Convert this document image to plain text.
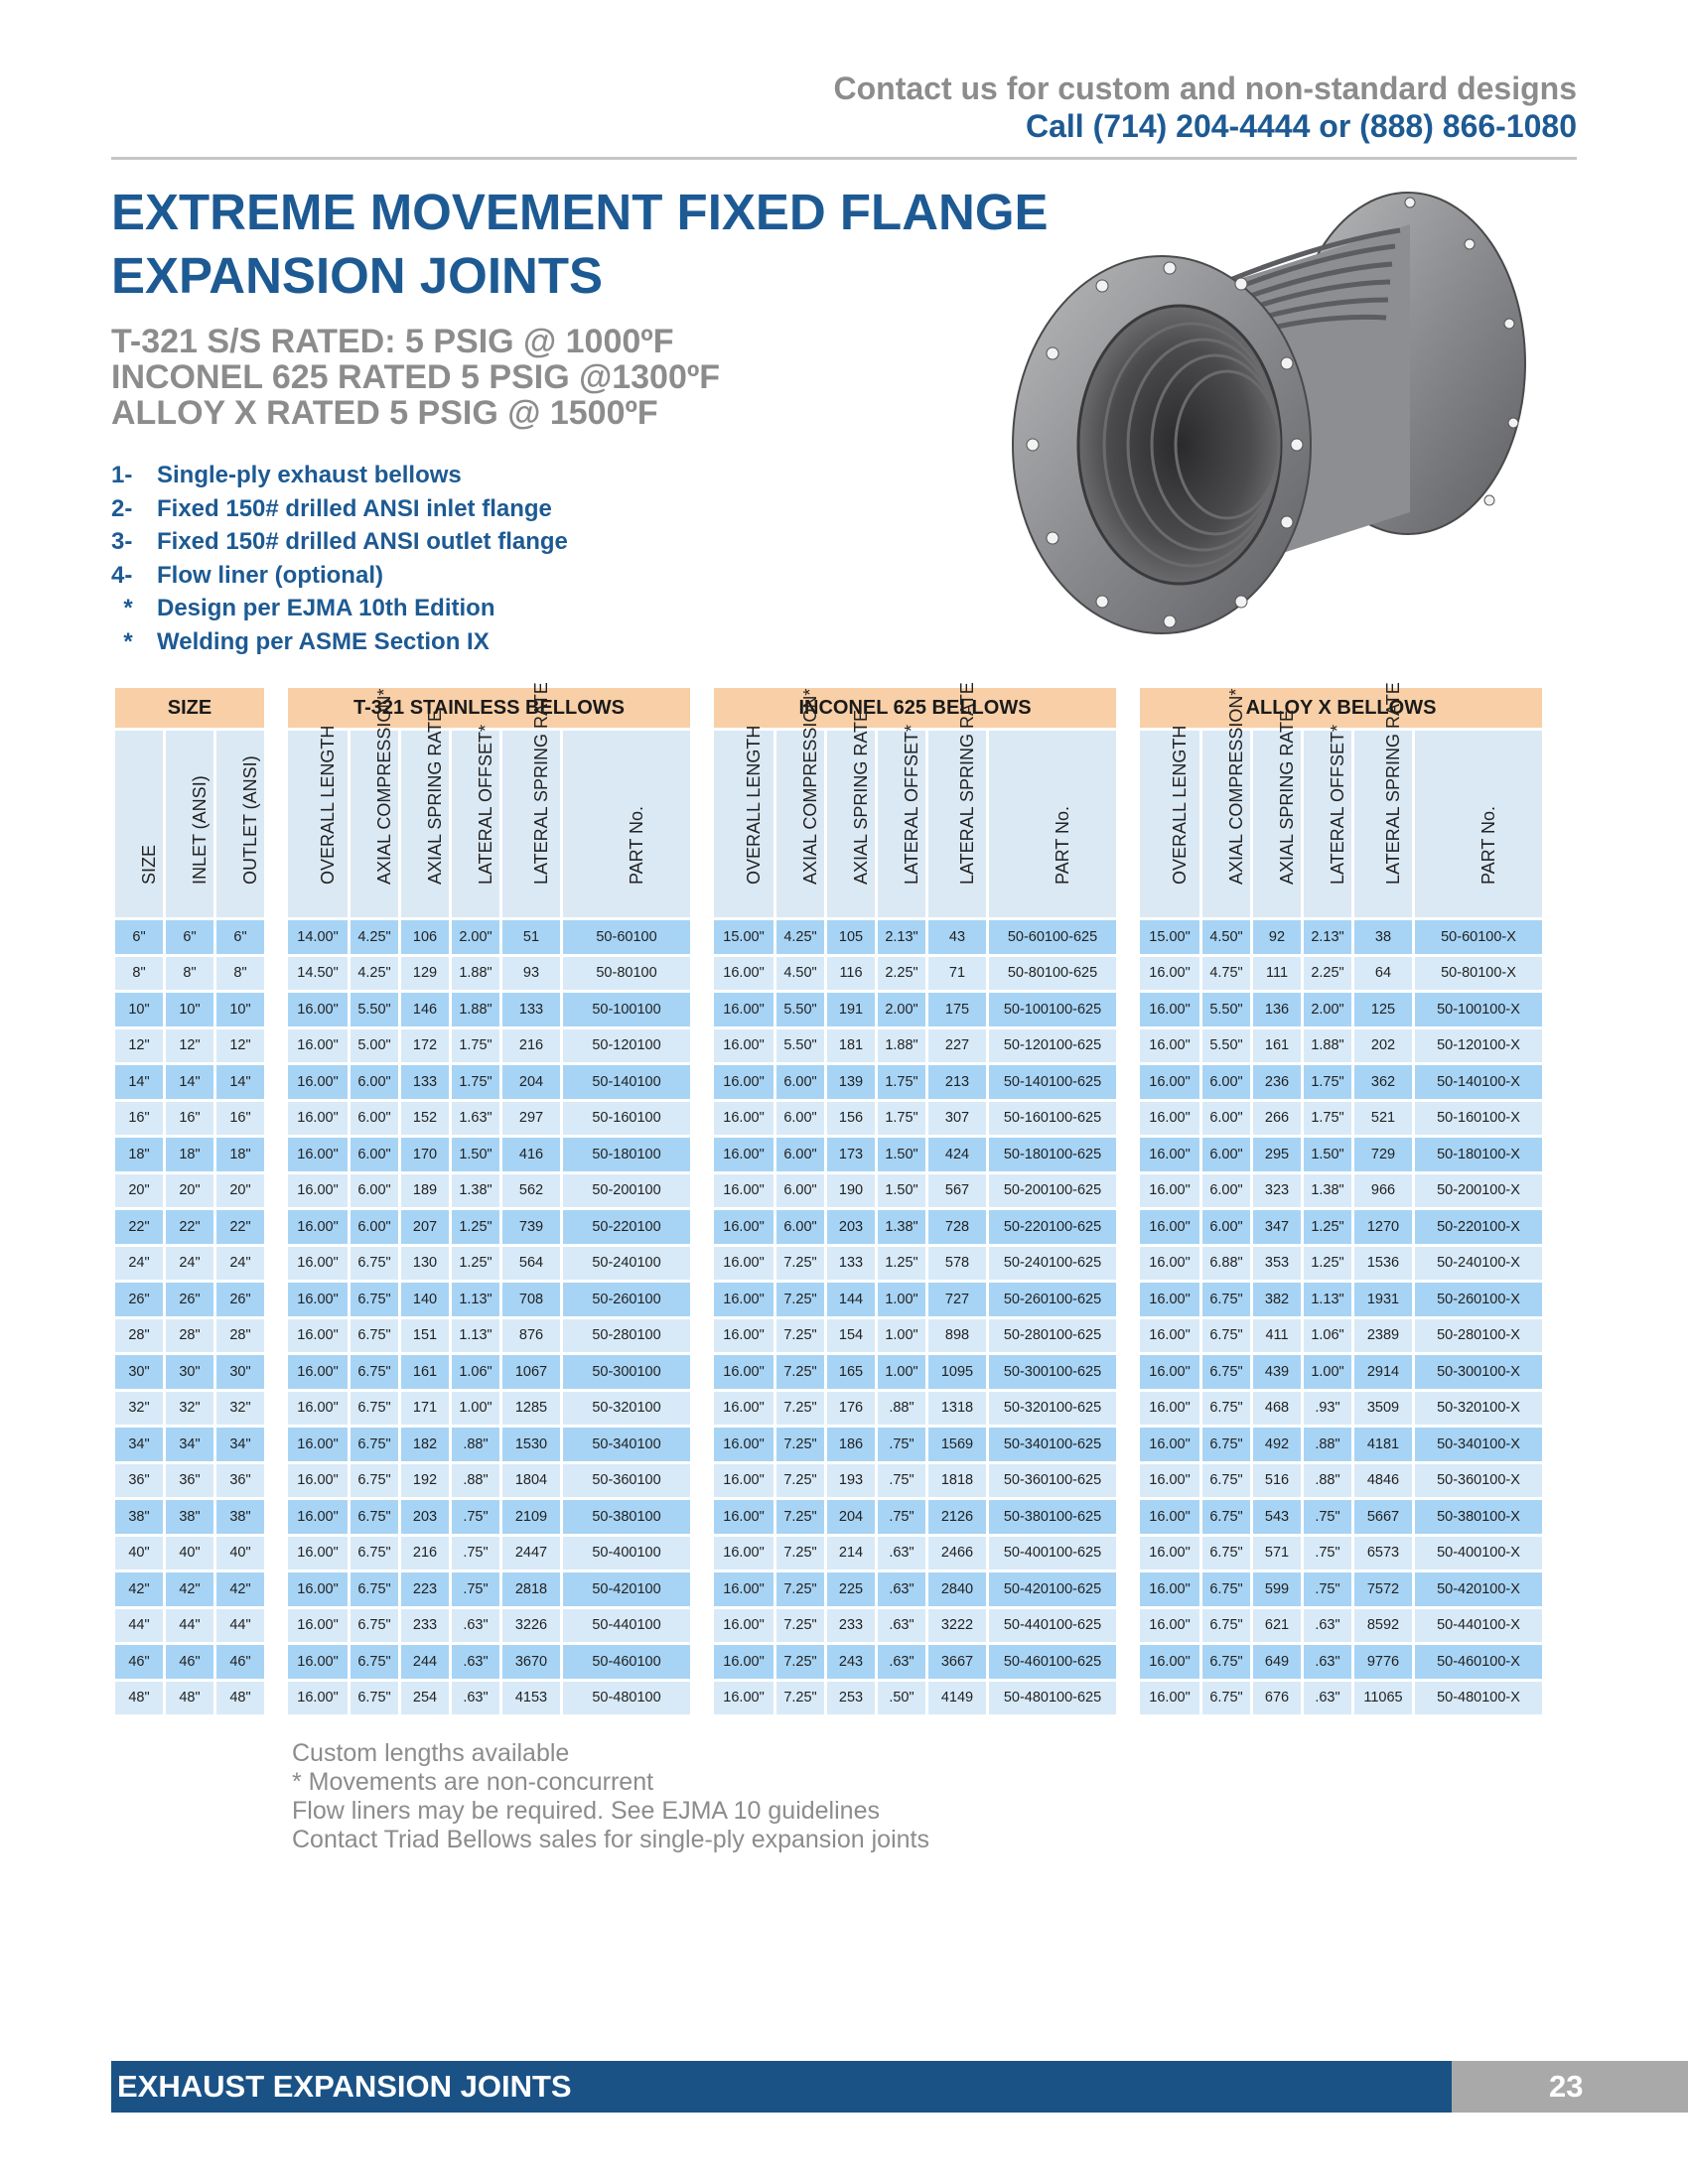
Contact us for custom and non-standard designs
Call (714) 204-4444 or (888) 866-1080
EXTREME MOVEMENT FIXED FLANGE
EXPANSION JOINTS
T-321 S/S RATED: 5 PSIG @ 1000ºF
INCONEL 625 RATED 5 PSIG @1300ºF
ALLOY X RATED 5 PSIG @ 1500ºF
1-	Single-ply exhaust bellows
2-	Fixed 150# drilled ANSI inlet flange
3-	Fixed 150# drilled ANSI outlet flange
4-	Flow liner (optional)
*	Design per EJMA 10th Edition
*	Welding per ASME Section IX
SIZE				T-321 STAINLESS BELLOWS							INCONEL 625 BELLOWS							ALLOY X BELLOWS					

SIZE	INLET (ANSI)	OUTLET (ANSI)		OVERALL LENGTH	AXIAL COMPRESSION*	AXIAL SPRING RATE	LATERAL OFFSET*	LATERAL SPRING RATE	PART No.		OVERALL LENGTH	AXIAL COMPRESSION*	AXIAL SPRING RATE	LATERAL OFFSET*	LATERAL SPRING RATE	PART No.		OVERALL LENGTH	AXIAL COMPRESSION*	AXIAL SPRING RATE	LATERAL OFFSET*	LATERAL SPRING RATE	PART No.

6"	6"	6"		14.00"	4.25"	106	2.00"	51	50-60100		15.00"	4.25"	105	2.13"	43	50-60100-625		15.00"	4.50"	92	2.13"	38	50-60100-X
8"	8"	8"		14.50"	4.25"	129	1.88"	93	50-80100		16.00"	4.50"	116	2.25"	71	50-80100-625		16.00"	4.75"	111	2.25"	64	50-80100-X
10"	10"	10"		16.00"	5.50"	146	1.88"	133	50-100100		16.00"	5.50"	191	2.00"	175	50-100100-625		16.00"	5.50"	136	2.00"	125	50-100100-X
12"	12"	12"		16.00"	5.00"	172	1.75"	216	50-120100		16.00"	5.50"	181	1.88"	227	50-120100-625		16.00"	5.50"	161	1.88"	202	50-120100-X
14"	14"	14"		16.00"	6.00"	133	1.75"	204	50-140100		16.00"	6.00"	139	1.75"	213	50-140100-625		16.00"	6.00"	236	1.75"	362	50-140100-X
16"	16"	16"		16.00"	6.00"	152	1.63"	297	50-160100		16.00"	6.00"	156	1.75"	307	50-160100-625		16.00"	6.00"	266	1.75"	521	50-160100-X
18"	18"	18"		16.00"	6.00"	170	1.50"	416	50-180100		16.00"	6.00"	173	1.50"	424	50-180100-625		16.00"	6.00"	295	1.50"	729	50-180100-X
20"	20"	20"		16.00"	6.00"	189	1.38"	562	50-200100		16.00"	6.00"	190	1.50"	567	50-200100-625		16.00"	6.00"	323	1.38"	966	50-200100-X
22"	22"	22"		16.00"	6.00"	207	1.25"	739	50-220100		16.00"	6.00"	203	1.38"	728	50-220100-625		16.00"	6.00"	347	1.25"	1270	50-220100-X
24"	24"	24"		16.00"	6.75"	130	1.25"	564	50-240100		16.00"	7.25"	133	1.25"	578	50-240100-625		16.00"	6.88"	353	1.25"	1536	50-240100-X
26"	26"	26"		16.00"	6.75"	140	1.13"	708	50-260100		16.00"	7.25"	144	1.00"	727	50-260100-625		16.00"	6.75"	382	1.13"	1931	50-260100-X
28"	28"	28"		16.00"	6.75"	151	1.13"	876	50-280100		16.00"	7.25"	154	1.00"	898	50-280100-625		16.00"	6.75"	411	1.06"	2389	50-280100-X
30"	30"	30"		16.00"	6.75"	161	1.06"	1067	50-300100		16.00"	7.25"	165	1.00"	1095	50-300100-625		16.00"	6.75"	439	1.00"	2914	50-300100-X
32"	32"	32"		16.00"	6.75"	171	1.00"	1285	50-320100		16.00"	7.25"	176	.88"	1318	50-320100-625		16.00"	6.75"	468	.93"	3509	50-320100-X
34"	34"	34"		16.00"	6.75"	182	.88"	1530	50-340100		16.00"	7.25"	186	.75"	1569	50-340100-625		16.00"	6.75"	492	.88"	4181	50-340100-X
36"	36"	36"		16.00"	6.75"	192	.88"	1804	50-360100		16.00"	7.25"	193	.75"	1818	50-360100-625		16.00"	6.75"	516	.88"	4846	50-360100-X
38"	38"	38"		16.00"	6.75"	203	.75"	2109	50-380100		16.00"	7.25"	204	.75"	2126	50-380100-625		16.00"	6.75"	543	.75"	5667	50-380100-X
40"	40"	40"		16.00"	6.75"	216	.75"	2447	50-400100		16.00"	7.25"	214	.63"	2466	50-400100-625		16.00"	6.75"	571	.75"	6573	50-400100-X
42"	42"	42"		16.00"	6.75"	223	.75"	2818	50-420100		16.00"	7.25"	225	.63"	2840	50-420100-625		16.00"	6.75"	599	.75"	7572	50-420100-X
44"	44"	44"		16.00"	6.75"	233	.63"	3226	50-440100		16.00"	7.25"	233	.63"	3222	50-440100-625		16.00"	6.75"	621	.63"	8592	50-440100-X
46"	46"	46"		16.00"	6.75"	244	.63"	3670	50-460100		16.00"	7.25"	243	.63"	3667	50-460100-625		16.00"	6.75"	649	.63"	9776	50-460100-X
48"	48"	48"		16.00"	6.75"	254	.63"	4153	50-480100		16.00"	7.25"	253	.50"	4149	50-480100-625		16.00"	6.75"	676	.63"	11065	50-480100-X
Custom lengths available
* Movements are non-concurrent
Flow liners may be required. See EJMA 10 guidelines
Contact Triad Bellows sales for single-ply expansion joints
EXHAUST EXPANSION JOINTS	23
